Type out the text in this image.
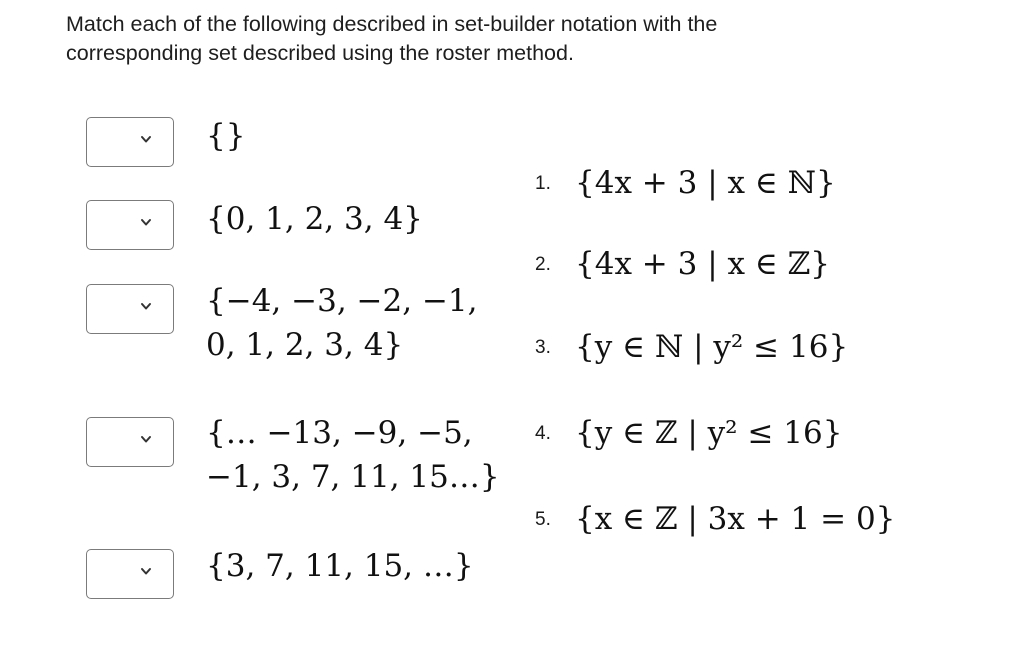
Match each of the following described in set-builder notation with the
corresponding set described using the roster method.
{}
{0, 1, 2, 3, 4}
{−4, −3, −2, −1,
0, 1, 2, 3, 4}
{… −13, −9, −5,
−1, 3, 7, 11, 15…}
{3, 7, 11, 15, …}
1. {4x + 3 | x ∈ ℕ}
2. {4x + 3 | x ∈ ℤ}
3. {y ∈ ℕ | y² ≤ 16}
4. {y ∈ ℤ | y² ≤ 16}
5. {x ∈ ℤ | 3x + 1 = 0}
